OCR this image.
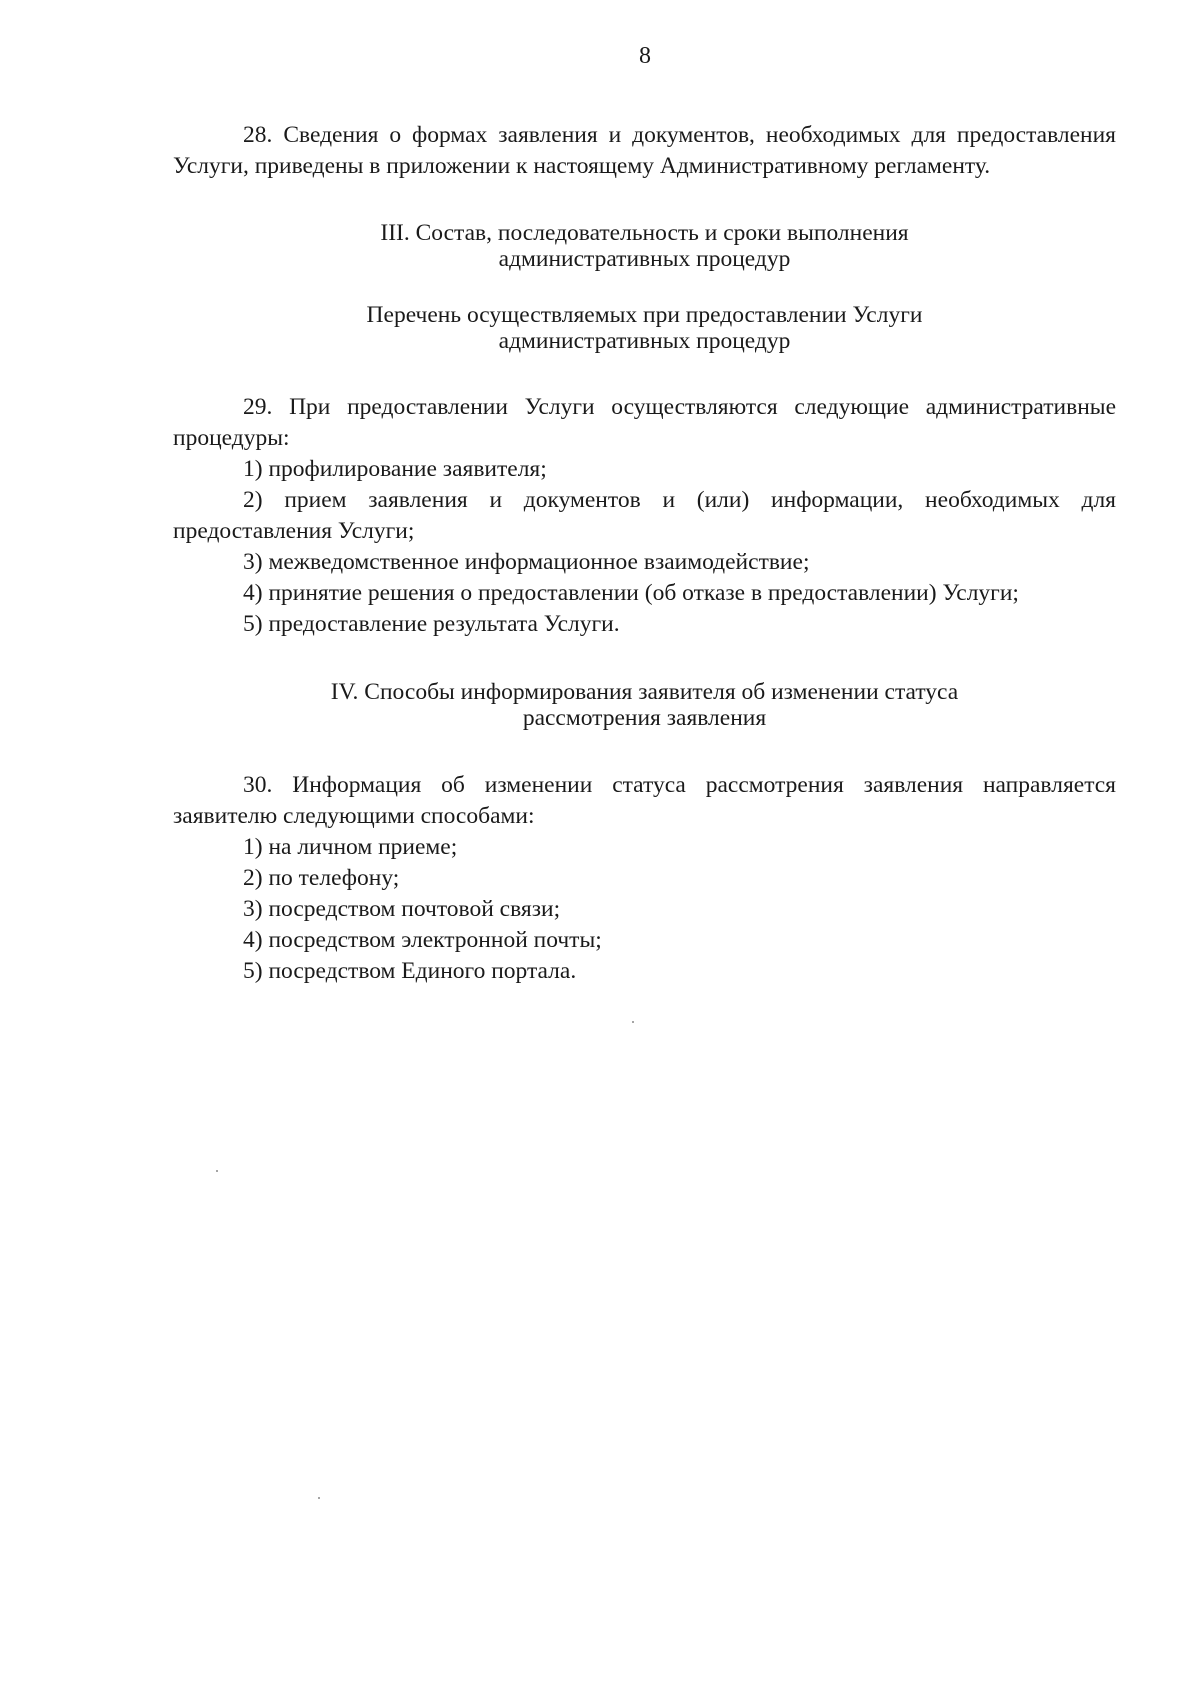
8

28. Сведения о формах заявления и документов, необходимых для предоставления Услуги, приведены в приложении к настоящему Административному регламенту.

III. Состав, последовательность и сроки выполнения

административных процедур

Перечень осуществляемых при предоставлении Услуги

административных процедур

29. При предоставлении Услуги осуществляются следующие административные процедуры:

1) профилирование заявителя;

2) прием заявления и документов и (или) информации, необходимых для предоставления Услуги;

3) межведомственное информационное взаимодействие;

4) принятие решения о предоставлении (об отказе в предоставлении) Услуги;

5) предоставление результата Услуги.

IV. Способы информирования заявителя об изменении статуса

рассмотрения заявления

30. Информация об изменении статуса рассмотрения заявления направляется заявителю следующими способами:

1) на личном приеме;

2) по телефону;

3) посредством почтовой связи;

4) посредством электронной почты;

5) посредством Единого портала.
